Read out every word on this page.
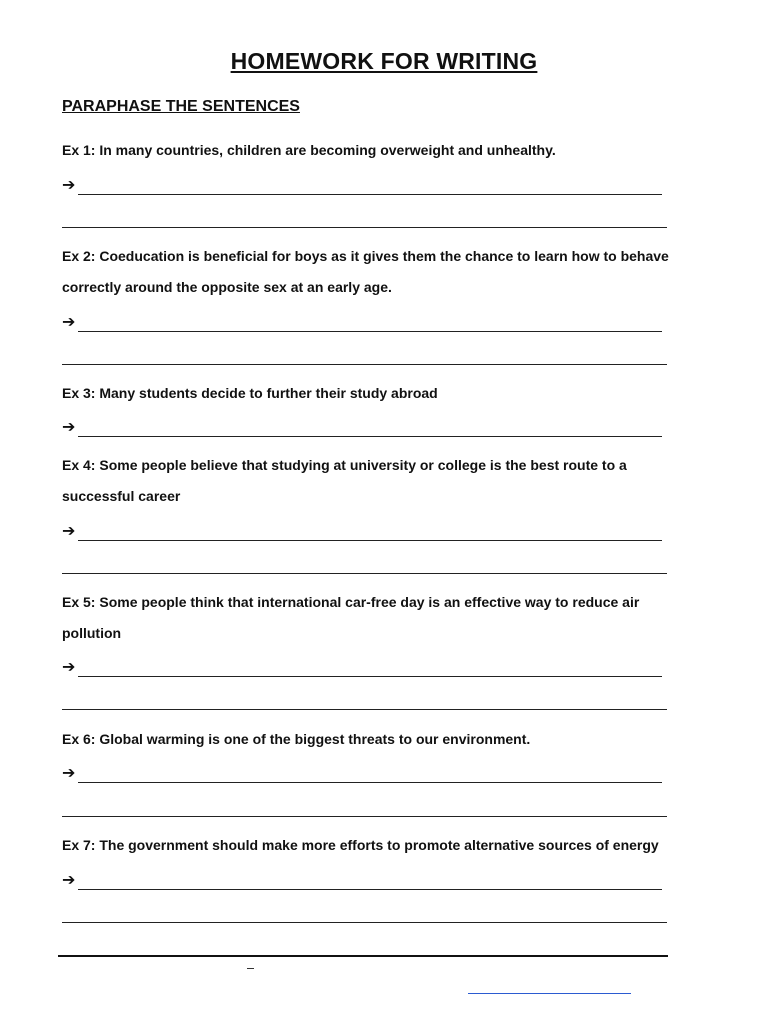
HOMEWORK FOR WRITING
PARAPHASE THE SENTENCES
Ex 1: In many countries, children are becoming overweight and unhealthy.
➔
Ex 2: Coeducation is beneficial for boys as it gives them the chance to learn how to behave correctly around the opposite sex at an early age.
➔
Ex 3: Many students decide to further their study abroad
➔
Ex 4: Some people believe that studying at university or college is the best route to a successful career
➔
Ex 5: Some people think that international car-free day is an effective way to reduce air pollution
➔
Ex 6: Global warming is one of the biggest threats to our environment.
➔
Ex 7: The government should make more efforts to promote alternative sources of energy
➔
